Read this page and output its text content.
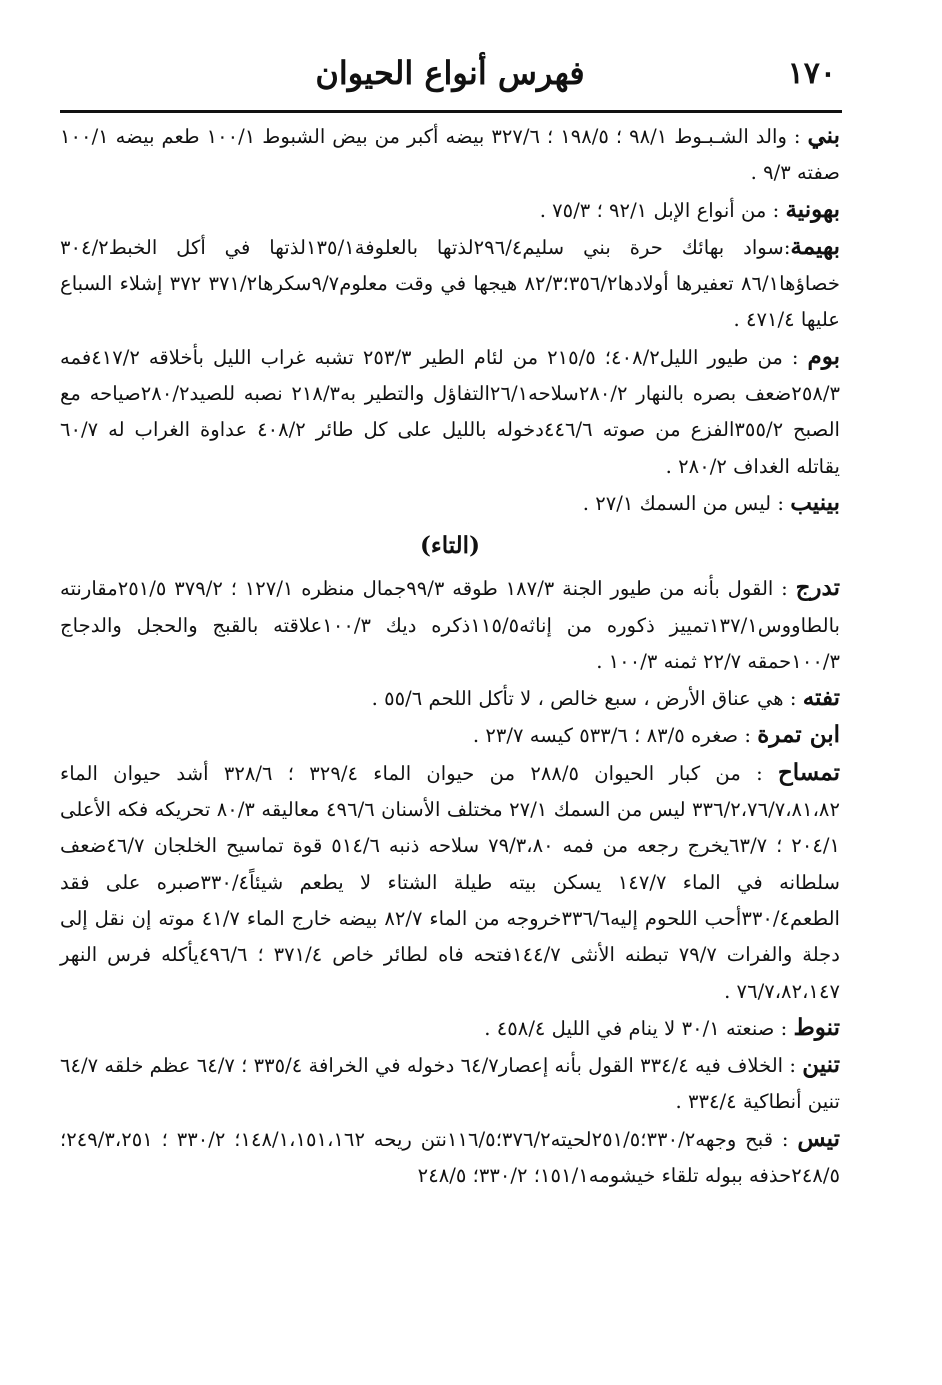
١٧٠
فهرس أنواع الحيوان

بني : والد الشـبـوط ٩٨/١ ؛ ١٩٨/٥ ؛ ٣٢٧/٦ بيضه أكبر من بيض الشبوط ١٠٠/١ طعم بيضه ١٠٠/١ صفته ٩/٣ .

بهونية : من أنواع الإبل ٩٢/١ ؛ ٧٥/٣ .

بهيمة:سواد بهائك حرة بني سليم٢٩٦/٤لذتها بالعلوفة١٣٥/١لذتها في أكل الخبط٣٠٤/٢ خصاؤها٨٦/١ تعفيرها أولادها٣٥٦/٢؛٨٢/٣ هيجها في وقت معلوم٩/٧سكرها٣٧١/٢ ٣٧٢ إشلاء السباع عليها ٤٧١/٤ .

بوم : من طيور الليل٤٠٨/٢؛ ٢١٥/٥ من لئام الطير ٢٥٣/٣ تشبه غراب الليل بأخلاقه ٤١٧/٢فمه ٢٥٨/٣ضعف بصره بالنهار ٢٨٠/٢سلاحه٢٦/١التفاؤل والتطير به٢١٨/٣ نصبه للصيد٢٨٠/٢صياحه مع الصبح ٣٥٥/٢الفزع من صوته ٤٤٦/٦دخوله بالليل على كل طائر ٤٠٨/٢ عداوة الغراب له ٦٠/٧ يقاتله الغداف ٢٨٠/٢ .

بينيب : ليس من السمك ٢٧/١ .

(التاء)

تدرج : القول بأنه من طيور الجنة ١٨٧/٣ طوقه ٩٩/٣جمال منظره ١٢٧/١ ؛ ٣٧٩/٢ ٢٥١/٥مقارنته بالطاووس١٣٧/١تمييز ذكوره من إناثه١١٥/٥ذكره ديك ١٠٠/٣علاقته بالقبج والحجل والدجاج ١٠٠/٣حمقه ٢٢/٧ ثمنه ١٠٠/٣ .

تفته : هي عناق الأرض ، سبع خالص ، لا تأكل اللحم ٥٥/٦ .

ابن تمرة : صغره ٨٣/٥ ؛ ٥٣٣/٦ كيسه ٢٣/٧ .

تمساح : من كبار الحيوان ٢٨٨/٥ من حيوان الماء ٣٢٩/٤ ؛ ٣٢٨/٦ أشد حيوان الماء ٣٣٦/٢،٧٦/٧،٨١،٨٢ ليس من السمك ٢٧/١ مختلف الأسنان ٤٩٦/٦ معاليقه ٨٠/٣ تحريكه فكه الأعلى ٢٠٤/١ ؛ ٦٣/٧يخرج رجعه من فمه ٧٩/٣،٨٠ سلاحه ذنبه ٥١٤/٦ قوة تماسيح الخلجان ٤٦/٧ضعف سلطانه في الماء ١٤٧/٧ يسكن بيته طيلة الشتاء لا يطعم شيئاً٣٣٠/٤صبره على فقد الطعم٣٣٠/٤أحب اللحوم إليه٣٣٦/٦خروجه من الماء ٨٢/٧ بيضه خارج الماء ٤١/٧ موته إن نقل إلى دجلة والفرات ٧٩/٧ تبطنه الأنثى ١٤٤/٧فتحه فاه لطائر خاص ٣٧١/٤ ؛ ٤٩٦/٦يأكله فرس النهر ٧٦/٧،٨٢،١٤٧ .

تنوط : صنعته ٣٠/١ لا ينام في الليل ٤٥٨/٤ .

تنين : الخلاف فيه ٣٣٤/٤ القول بأنه إعصار٦٤/٧ دخوله في الخرافة ٣٣٥/٤ ؛ ٦٤/٧ عظم خلقه ٦٤/٧ تنين أنطاكية ٣٣٤/٤ .

تيس : قبح وجهه٣٣٠/٢؛٢٥١/٥لحيته٣٧٦/٢؛١١٦/٥نتن ريحه ١٤٨/١،١٥١،١٦٢؛ ٣٣٠/٢ ؛ ٢٤٩/٣،٢٥١؛٢٤٨/٥حذفه ببوله تلقاء خيشومه١٥١/١؛ ٣٣٠/٢؛ ٢٤٨/٥
